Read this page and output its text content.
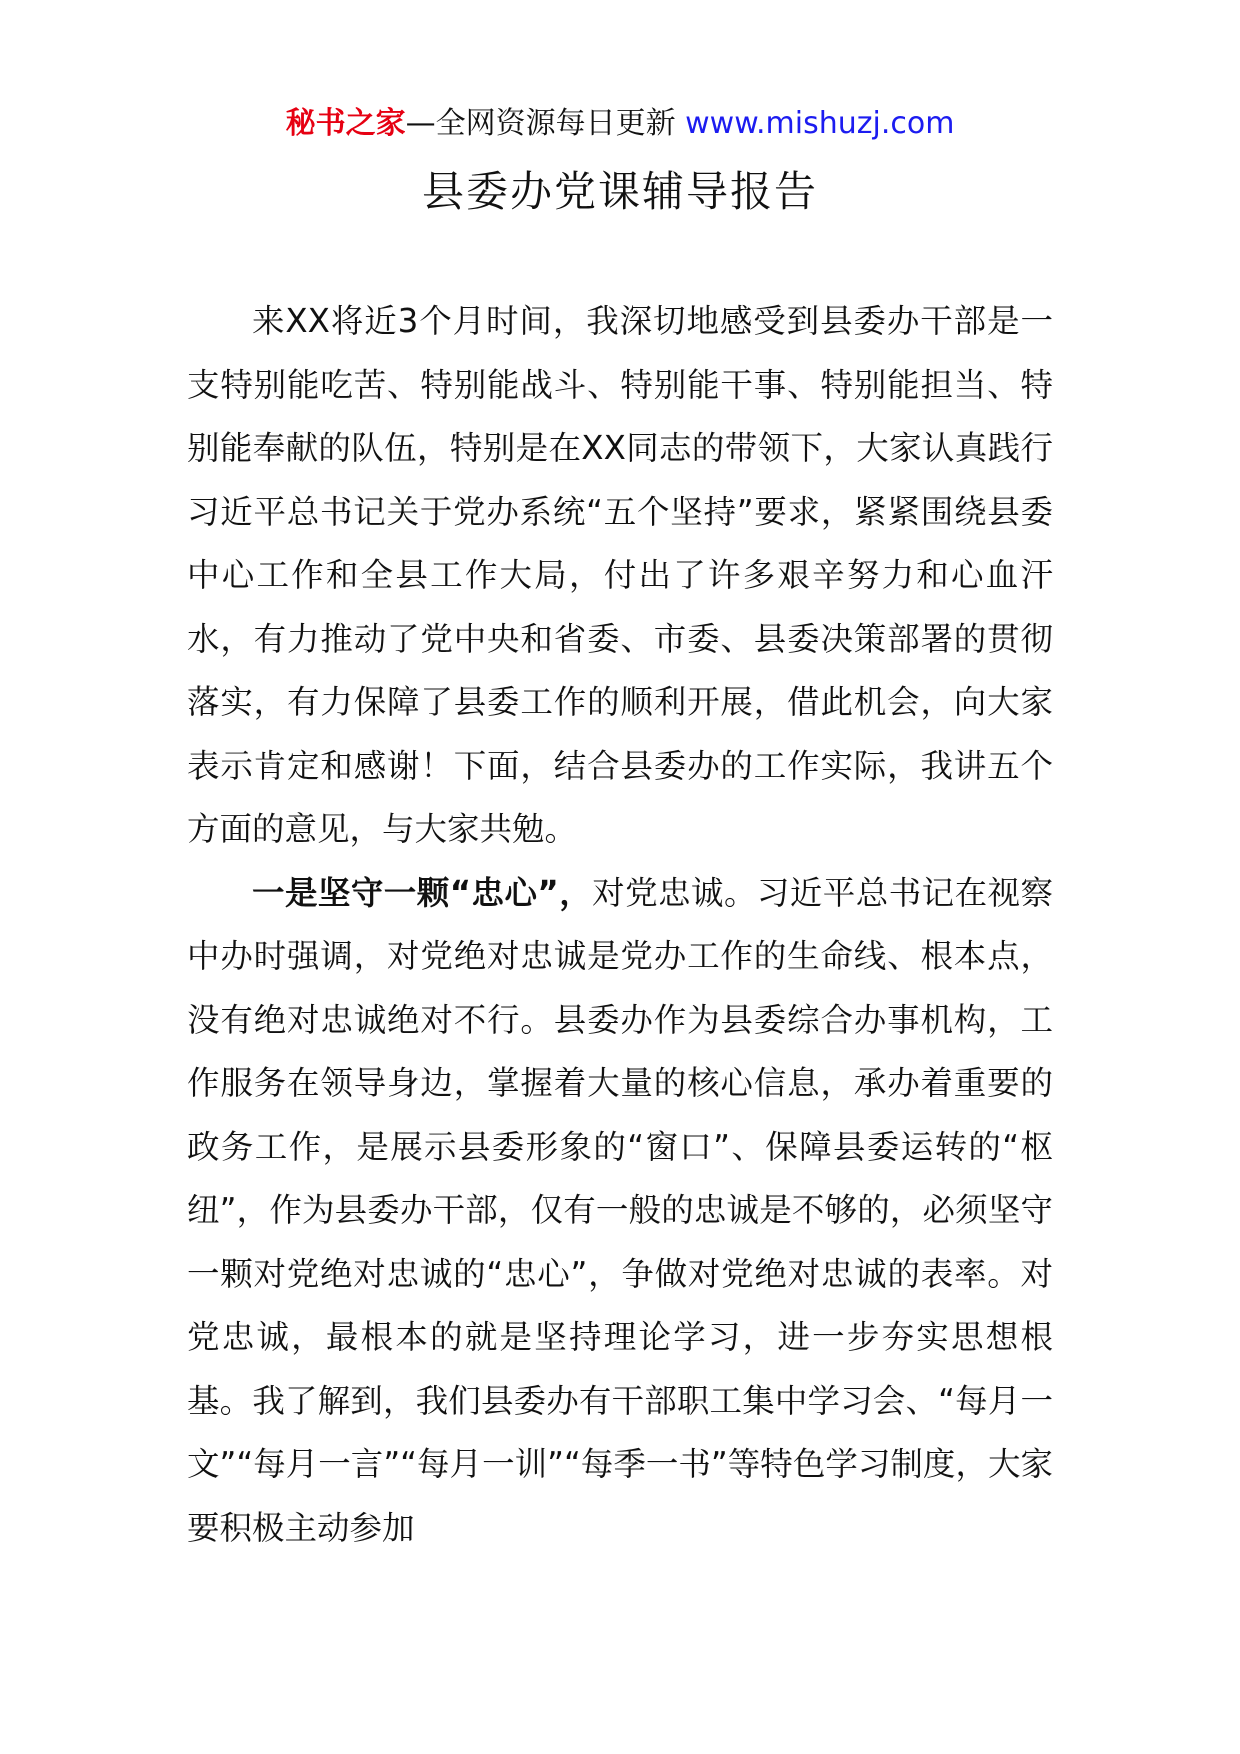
秘书之家—全网资源每日更新 www.mishuzj.com
县委办党课辅导报告

来XX将近3个月时间，我深切地感受到县委办干部是一支特别能吃苦、特别能战斗、特别能干事、特别能担当、特别能奉献的队伍，特别是在XX同志的带领下，大家认真践行习近平总书记关于党办系统“五个坚持”要求，紧紧围绕县委中心工作和全县工作大局，付出了许多艰辛努力和心血汗水，有力推动了党中央和省委、市委、县委决策部署的贯彻落实，有力保障了县委工作的顺利开展，借此机会，向大家表示肯定和感谢！下面，结合县委办的工作实际，我讲五个方面的意见，与大家共勉。

一是坚守一颗“忠心”，对党忠诚。习近平总书记在视察中办时强调，对党绝对忠诚是党办工作的生命线、根本点，没有绝对忠诚绝对不行。县委办作为县委综合办事机构，工作服务在领导身边，掌握着大量的核心信息，承办着重要的政务工作，是展示县委形象的“窗口”、保障县委运转的“枢纽”，作为县委办干部，仅有一般的忠诚是不够的，必须坚守一颗对党绝对忠诚的“忠心”，争做对党绝对忠诚的表率。对党忠诚，最根本的就是坚持理论学习，进一步夯实思想根基。我了解到，我们县委办有干部职工集中学习会、“每月一文”“每月一言”“每月一训”“每季一书”等特色学习制度，大家要积极主动参加
